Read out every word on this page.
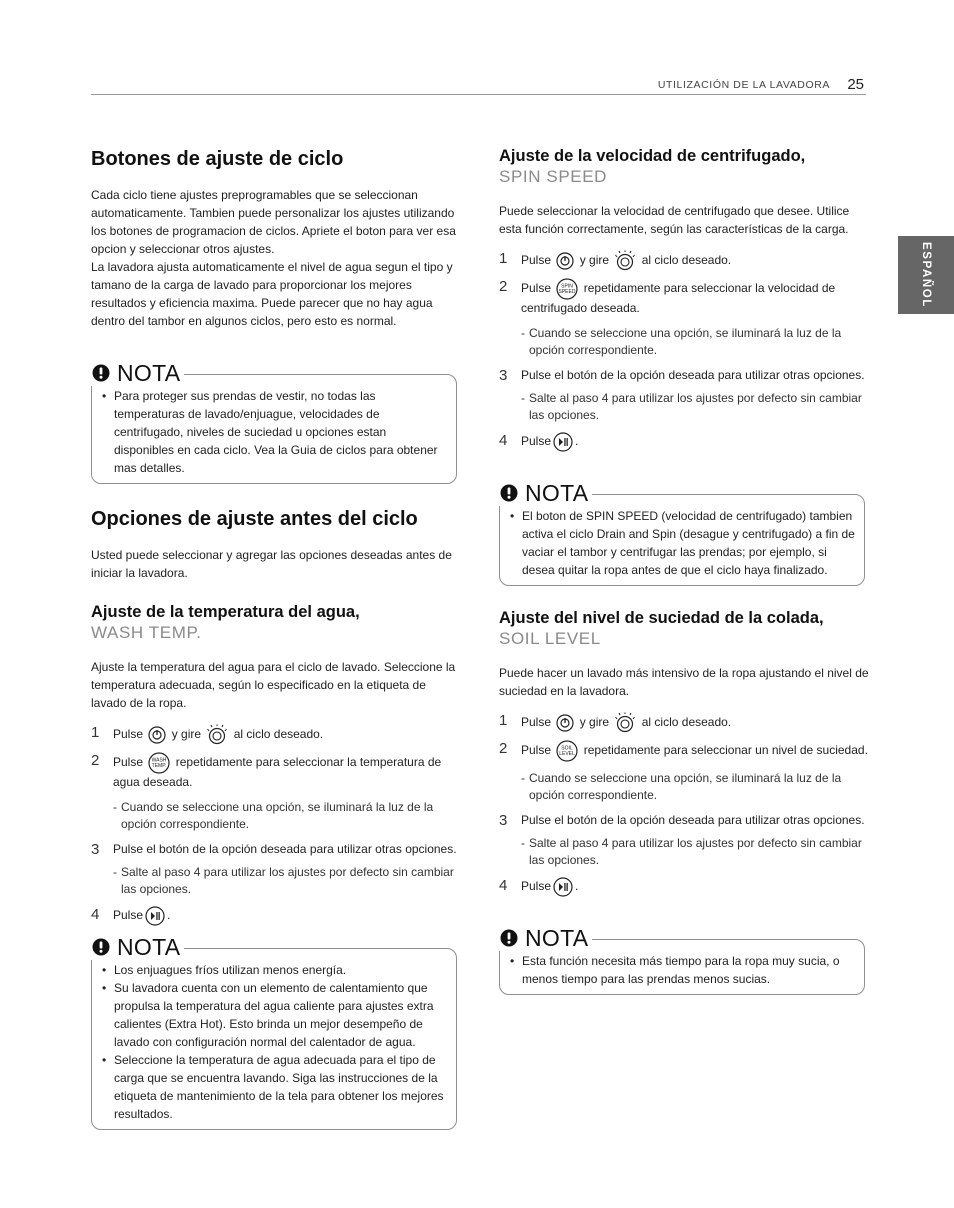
UTILIZACIÓN DE LA LAVADORA 25
ESPAÑOL
Botones de ajuste de ciclo

Cada ciclo tiene ajustes preprogramables que se seleccionan automaticamente. Tambien puede personalizar los ajustes utilizando los botones de programacion de ciclos. Apriete el boton para ver esa opcion y seleccionar otros ajustes.

La lavadora ajusta automaticamente el nivel de agua segun el tipo y tamano de la carga de lavado para proporcionar los mejores resultados y eficiencia maxima. Puede parecer que no hay agua dentro del tambor en algunos ciclos, pero esto es normal.

NOTA
• Para proteger sus prendas de vestir, no todas las temperaturas de lavado/enjuague, velocidades de centrifugado, niveles de suciedad u opciones estan disponibles en cada ciclo. Vea la Guia de ciclos para obtener mas detalles.
Opciones de ajuste antes del ciclo

Usted puede seleccionar y agregar las opciones deseadas antes de iniciar la lavadora.

Ajuste de la temperatura del agua,
WASH TEMP.

Ajuste la temperatura del agua para el ciclo de lavado. Seleccione la temperatura adecuada, según lo especificado en la etiqueta de lavado de la ropa.

1 Pulse y gire	al ciclo deseado.
2 Pulse WASH
TEMP. repetidamente para seleccionar la temperatura de agua deseada.
- Cuando se seleccione una opción, se iluminará la luz de la opción correspondiente.
3 Pulse el botón de la opción deseada para utilizar otras opciones.
- Salte al paso 4 para utilizar los ajustes por defecto sin cambiar las opciones.
4 Pulse .
NOTA
• Los enjuagues fríos utilizan menos energía.
• Su lavadora cuenta con un elemento de calentamiento que propulsa la temperatura del agua caliente para ajustes extra calientes (Extra Hot). Esto brinda un mejor desempeño de lavado con configuración normal del calentador de agua.
• Seleccione la temperatura de agua adecuada para el tipo de carga que se encuentra lavando. Siga las instrucciones de la etiqueta de mantenimiento de la tela para obtener los mejores resultados.
Ajuste de la velocidad de centrifugado,
SPIN SPEED

Puede seleccionar la velocidad de centrifugado que desee. Utilice esta función correctamente, según las características de la carga.

1 Pulse y gire	al ciclo deseado.
2 Pulse SPIN
SPEED repetidamente para seleccionar la velocidad de centrifugado deseada.
- Cuando se seleccione una opción, se iluminará la luz de la opción correspondiente.
3 Pulse el botón de la opción deseada para utilizar otras opciones.
- Salte al paso 4 para utilizar los ajustes por defecto sin cambiar las opciones.
4 Pulse .
NOTA
• El boton de SPIN SPEED (velocidad de centrifugado) tambien activa el ciclo Drain and Spin (desague y centrifugado) a fin de vaciar el tambor y centrifugar las prendas; por ejemplo, si desea quitar la ropa antes de que el ciclo haya finalizado.
Ajuste del nivel de suciedad de la colada,
SOIL LEVEL

Puede hacer un lavado más intensivo de la ropa ajustando el nivel de suciedad en la lavadora.

1 Pulse y gire	al ciclo deseado.
2 Pulse SOIL
LEVEL repetidamente para seleccionar un nivel de suciedad.
- Cuando se seleccione una opción, se iluminará la luz de la opción correspondiente.
3 Pulse el botón de la opción deseada para utilizar otras opciones.
- Salte al paso 4 para utilizar los ajustes por defecto sin cambiar las opciones.
4 Pulse .
NOTA
• Esta función necesita más tiempo para la ropa muy sucia, o menos tiempo para las prendas menos sucias.
